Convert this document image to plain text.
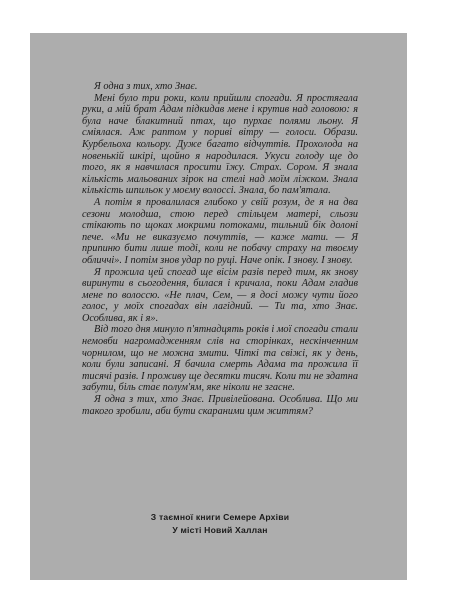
Я одна з тих, хто Знає.

Мені було три роки, коли прийшли спогади. Я простягала руки, а мій брат Адам підкидав мене і крутив над головою: я була наче блакитний птах, що пурхає полями льону. Я сміялася. Аж раптом у поривi вітру — голоси. Образи. Курбельоха кольору. Дуже багато відчуттів. Прохолода на новенькій шкірі, щойно я народилася. Укуси голоду ще до того, як я навчилася просити їжу. Страх. Сором. Я знала кількість мальованих зірок на стелі над моїм ліжком. Знала кількість шпильок у моєму волоссі. Знала, бо пам'ятала.

А потім я провалилася глибоко у свій розум, де я на два сезони молодша, стою перед стільцем матері, сльози стікають по щоках мокрими потоками, тильний бік долоні пече. «Ми не виказуємо почуттів, — каже мати. — Я припиню бити лише тоді, коли не побачу страху на твоєму обличчі». І потім знов удар по руці. Наче опік. І знову. І знову.

Я прожила цей спогад ще вісім разів перед тим, як знову виринути в сьогодення, билася і кричала, поки Адам гладив мене по волоссю. «Не плач, Сем, — я досі можу чути його голос, у моїх спогадах він лагідний. — Ти та, хто Знає. Особлива, як і я».

Від того дня минуло п'ятнадцять років і мої спогади стали немовби нагромадженням слів на сторінках, нескінченним чорнилом, що не можна змити. Чіткі та свіжі, як у день, коли були записані. Я бачила смерть Адама та прожила її тисячі разів. І проживу ще десятки тисяч. Коли ти не здатна забути, біль стає полум'ям, яке ніколи не згасне.

Я одна з тих, хто Знає. Привілейована. Особлива. Що ми такого зробили, аби бути скараними цим життям?

З таємної книги Семере Архіви
У місті Новий Халлан
